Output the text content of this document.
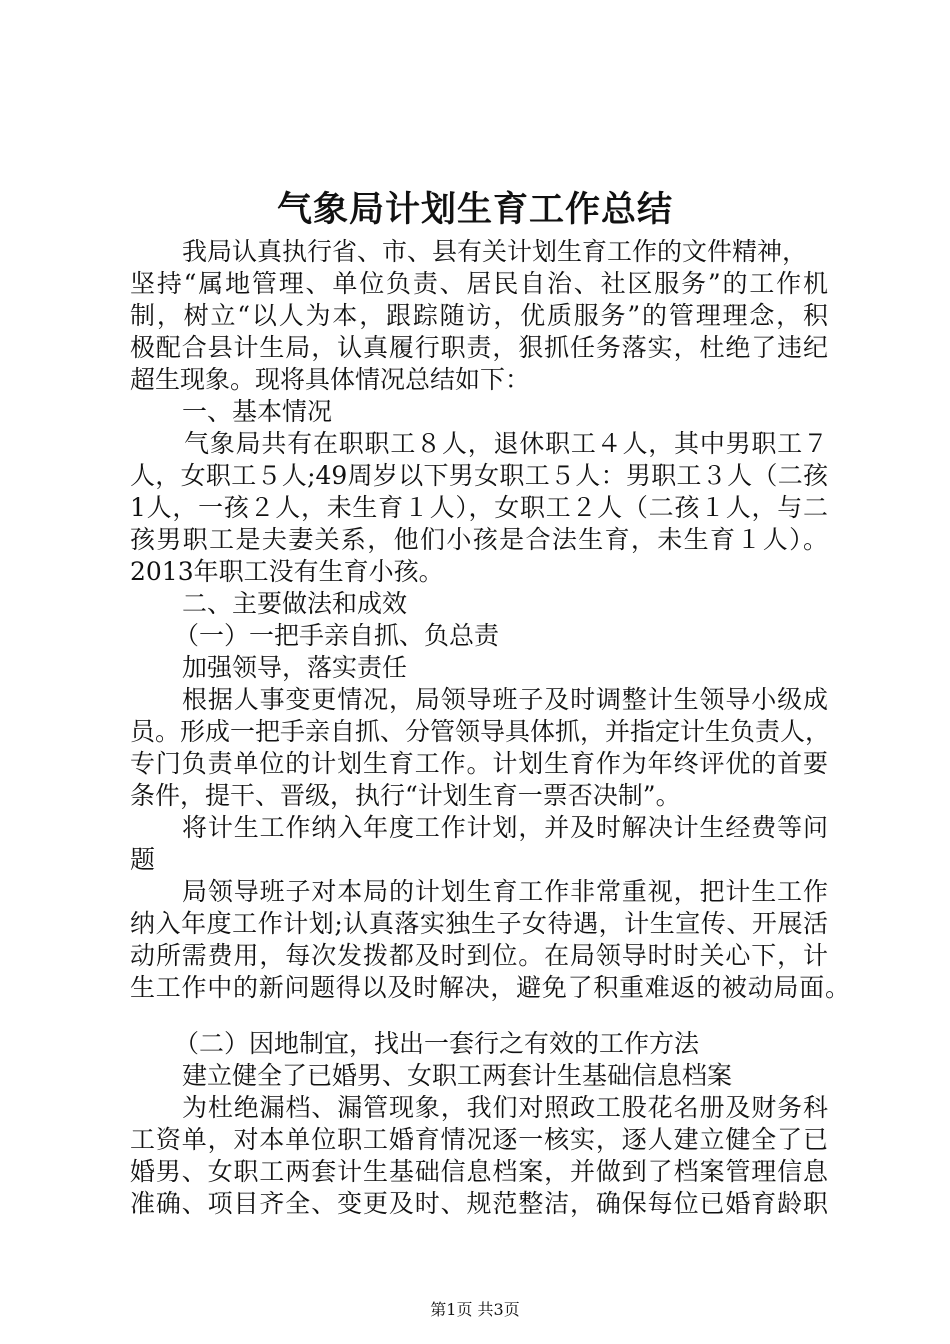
气象局计划生育工作总结

我局认真执行省、市、县有关计划生育工作的文件精神，

坚持“属地管理、单位负责、居民自治、社区服务”的工作机

制，树立“以人为本，跟踪随访，优质服务”的管理理念，积

极配合县计生局，认真履行职责，狠抓任务落实，杜绝了违纪

超生现象。现将具体情况总结如下：

一、基本情况

气象局共有在职职工８人，退休职工４人，其中男职工７

人，女职工５人;49周岁以下男女职工５人：男职工３人（二孩

1人，一孩２人，未生育１人），女职工２人（二孩１人，与二

孩男职工是夫妻关系，他们小孩是合法生育，未生育１人）。

2013年职工没有生育小孩。

二、主要做法和成效

（一）一把手亲自抓、负总责

加强领导，落实责任

根据人事变更情况，局领导班子及时调整计生领导小级成

员。形成一把手亲自抓、分管领导具体抓，并指定计生负责人，

专门负责单位的计划生育工作。计划生育作为年终评优的首要

条件，提干、晋级，执行“计划生育一票否决制”。

将计生工作纳入年度工作计划，并及时解决计生经费等问

题

局领导班子对本局的计划生育工作非常重视，把计生工作

纳入年度工作计划;认真落实独生子女待遇，计生宣传、开展活

动所需费用，每次发拨都及时到位。在局领导时时关心下，计

生工作中的新问题得以及时解决，避免了积重难返的被动局面。

（二）因地制宜，找出一套行之有效的工作方法

建立健全了已婚男、女职工两套计生基础信息档案

为杜绝漏档、漏管现象，我们对照政工股花名册及财务科

工资单，对本单位职工婚育情况逐一核实，逐人建立健全了已

婚男、女职工两套计生基础信息档案，并做到了档案管理信息

准确、项目齐全、变更及时、规范整洁，确保每位已婚育龄职

第1页 共3页
